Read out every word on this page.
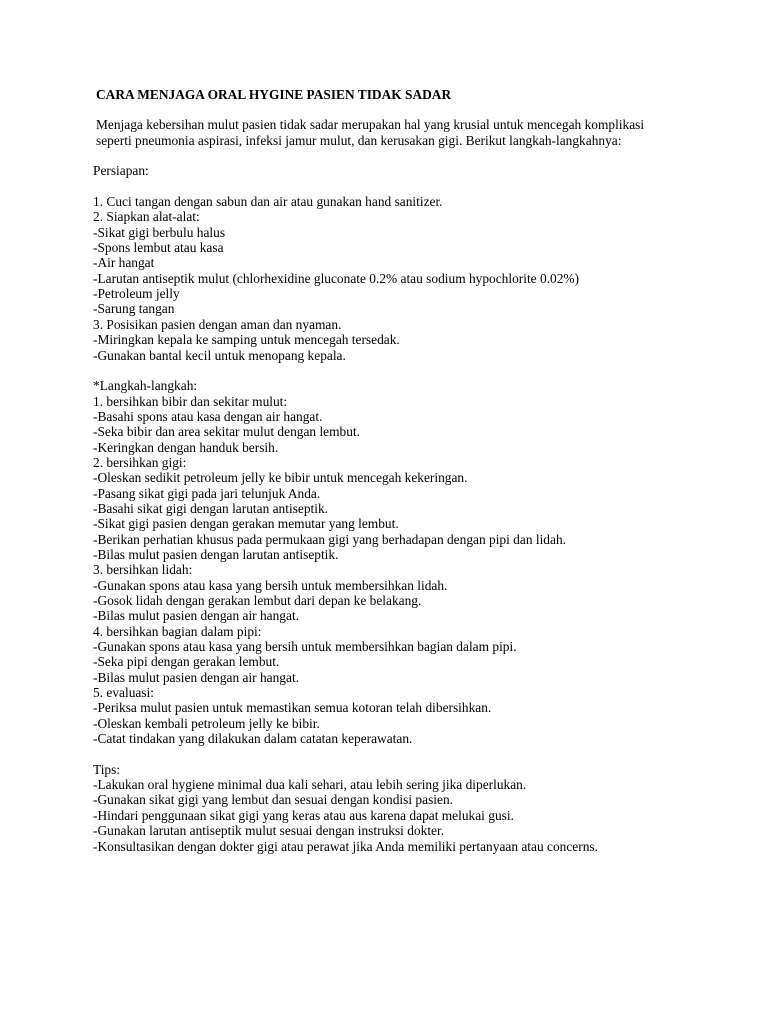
CARA MENJAGA ORAL HYGINE PASIEN TIDAK SADAR
Menjaga kebersihan mulut pasien tidak sadar merupakan hal yang krusial untuk mencegah komplikasi seperti pneumonia aspirasi, infeksi jamur mulut, dan kerusakan gigi. Berikut langkah-langkahnya:
Persiapan:
1. Cuci tangan dengan sabun dan air atau gunakan hand sanitizer.
2. Siapkan alat-alat:
-Sikat gigi berbulu halus
-Spons lembut atau kasa
-Air hangat
-Larutan antiseptik mulut (chlorhexidine gluconate 0.2% atau sodium hypochlorite 0.02%)
-Petroleum jelly
-Sarung tangan
3. Posisikan pasien dengan aman dan nyaman.
-Miringkan kepala ke samping untuk mencegah tersedak.
-Gunakan bantal kecil untuk menopang kepala.
*Langkah-langkah:
1. bersihkan bibir dan sekitar mulut:
-Basahi spons atau kasa dengan air hangat.
-Seka bibir dan area sekitar mulut dengan lembut.
-Keringkan dengan handuk bersih.
2. bersihkan gigi:
-Oleskan sedikit petroleum jelly ke bibir untuk mencegah kekeringan.
-Pasang sikat gigi pada jari telunjuk Anda.
-Basahi sikat gigi dengan larutan antiseptik.
-Sikat gigi pasien dengan gerakan memutar yang lembut.
-Berikan perhatian khusus pada permukaan gigi yang berhadapan dengan pipi dan lidah.
-Bilas mulut pasien dengan larutan antiseptik.
3. bersihkan lidah:
-Gunakan spons atau kasa yang bersih untuk membersihkan lidah.
-Gosok lidah dengan gerakan lembut dari depan ke belakang.
-Bilas mulut pasien dengan air hangat.
4. bersihkan bagian dalam pipi:
-Gunakan spons atau kasa yang bersih untuk membersihkan bagian dalam pipi.
-Seka pipi dengan gerakan lembut.
-Bilas mulut pasien dengan air hangat.
5. evaluasi:
-Periksa mulut pasien untuk memastikan semua kotoran telah dibersihkan.
-Oleskan kembali petroleum jelly ke bibir.
-Catat tindakan yang dilakukan dalam catatan keperawatan.
Tips:
-Lakukan oral hygiene minimal dua kali sehari, atau lebih sering jika diperlukan.
-Gunakan sikat gigi yang lembut dan sesuai dengan kondisi pasien.
-Hindari penggunaan sikat gigi yang keras atau aus karena dapat melukai gusi.
-Gunakan larutan antiseptik mulut sesuai dengan instruksi dokter.
-Konsultasikan dengan dokter gigi atau perawat jika Anda memiliki pertanyaan atau concerns.
